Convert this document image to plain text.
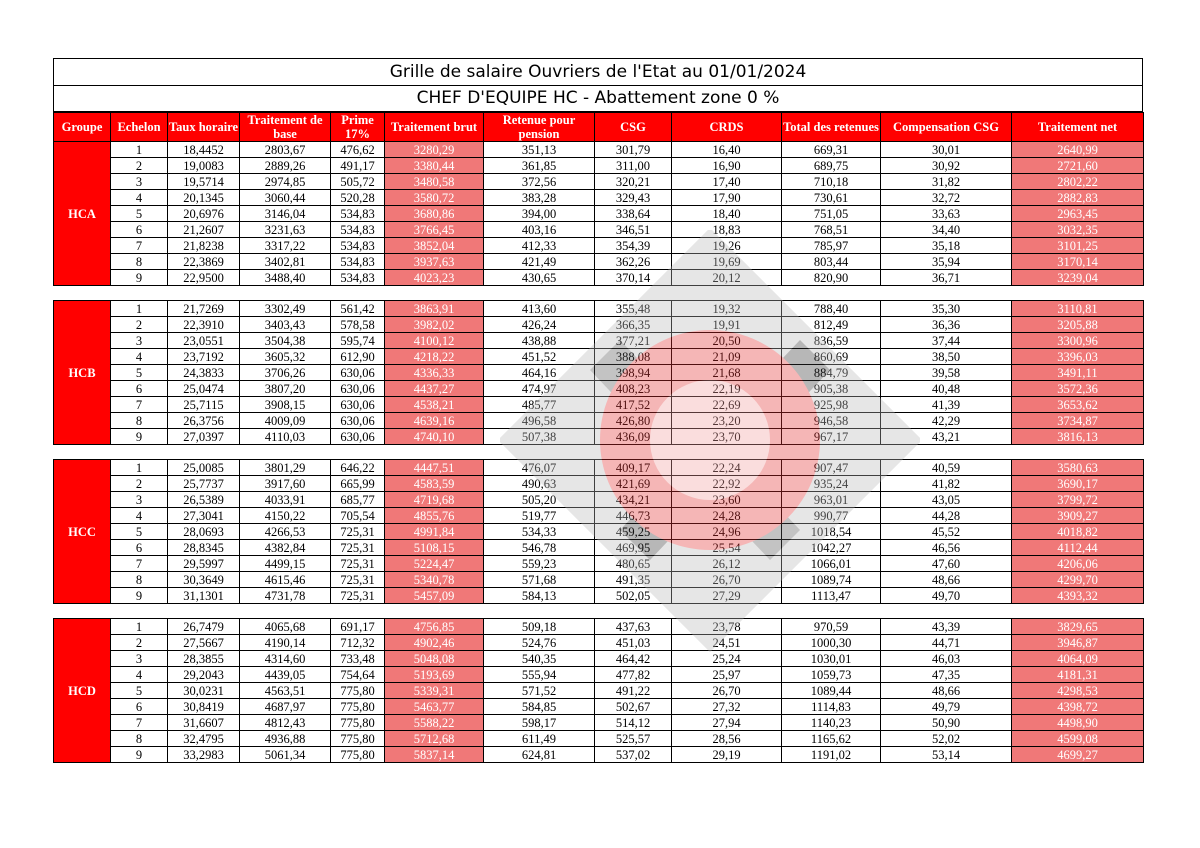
Grille de salaire Ouvriers de l'Etat au 01/01/2024
CHEF D'EQUIPE HC - Abattement zone 0 %
Groupe	Echelon	Taux horaire	Traitement de base	Prime 17%	Traitement brut	Retenue pour pension	CSG	CRDS	Total des retenues	Compensation CSG	Traitement net
HCA	1	18,4452	2803,67	476,62	3280,29	351,13	301,79	16,40	669,31	30,01	2640,99
	2	19,0083	2889,26	491,17	3380,44	361,85	311,00	16,90	689,75	30,92	2721,60
	3	19,5714	2974,85	505,72	3480,58	372,56	320,21	17,40	710,18	31,82	2802,22
	4	20,1345	3060,44	520,28	3580,72	383,28	329,43	17,90	730,61	32,72	2882,83
	5	20,6976	3146,04	534,83	3680,86	394,00	338,64	18,40	751,05	33,63	2963,45
	6	21,2607	3231,63	534,83	3766,45	403,16	346,51	18,83	768,51	34,40	3032,35
	7	21,8238	3317,22	534,83	3852,04	412,33	354,39	19,26	785,97	35,18	3101,25
	8	22,3869	3402,81	534,83	3937,63	421,49	362,26	19,69	803,44	35,94	3170,14
	9	22,9500	3488,40	534,83	4023,23	430,65	370,14	20,12	820,90	36,71	3239,04

HCB	1	21,7269	3302,49	561,42	3863,91	413,60	355,48	19,32	788,40	35,30	3110,81
	2	22,3910	3403,43	578,58	3982,02	426,24	366,35	19,91	812,49	36,36	3205,88
	3	23,0551	3504,38	595,74	4100,12	438,88	377,21	20,50	836,59	37,44	3300,96
	4	23,7192	3605,32	612,90	4218,22	451,52	388,08	21,09	860,69	38,50	3396,03
	5	24,3833	3706,26	630,06	4336,33	464,16	398,94	21,68	884,79	39,58	3491,11
	6	25,0474	3807,20	630,06	4437,27	474,97	408,23	22,19	905,38	40,48	3572,36
	7	25,7115	3908,15	630,06	4538,21	485,77	417,52	22,69	925,98	41,39	3653,62
	8	26,3756	4009,09	630,06	4639,16	496,58	426,80	23,20	946,58	42,29	3734,87
	9	27,0397	4110,03	630,06	4740,10	507,38	436,09	23,70	967,17	43,21	3816,13

HCC	1	25,0085	3801,29	646,22	4447,51	476,07	409,17	22,24	907,47	40,59	3580,63
	2	25,7737	3917,60	665,99	4583,59	490,63	421,69	22,92	935,24	41,82	3690,17
	3	26,5389	4033,91	685,77	4719,68	505,20	434,21	23,60	963,01	43,05	3799,72
	4	27,3041	4150,22	705,54	4855,76	519,77	446,73	24,28	990,77	44,28	3909,27
	5	28,0693	4266,53	725,31	4991,84	534,33	459,25	24,96	1018,54	45,52	4018,82
	6	28,8345	4382,84	725,31	5108,15	546,78	469,95	25,54	1042,27	46,56	4112,44
	7	29,5997	4499,15	725,31	5224,47	559,23	480,65	26,12	1066,01	47,60	4206,06
	8	30,3649	4615,46	725,31	5340,78	571,68	491,35	26,70	1089,74	48,66	4299,70
	9	31,1301	4731,78	725,31	5457,09	584,13	502,05	27,29	1113,47	49,70	4393,32

HCD	1	26,7479	4065,68	691,17	4756,85	509,18	437,63	23,78	970,59	43,39	3829,65
	2	27,5667	4190,14	712,32	4902,46	524,76	451,03	24,51	1000,30	44,71	3946,87
	3	28,3855	4314,60	733,48	5048,08	540,35	464,42	25,24	1030,01	46,03	4064,09
	4	29,2043	4439,05	754,64	5193,69	555,94	477,82	25,97	1059,73	47,35	4181,31
	5	30,0231	4563,51	775,80	5339,31	571,52	491,22	26,70	1089,44	48,66	4298,53
	6	30,8419	4687,97	775,80	5463,77	584,85	502,67	27,32	1114,83	49,79	4398,72
	7	31,6607	4812,43	775,80	5588,22	598,17	514,12	27,94	1140,23	50,90	4498,90
	8	32,4795	4936,88	775,80	5712,68	611,49	525,57	28,56	1165,62	52,02	4599,08
	9	33,2983	5061,34	775,80	5837,14	624,81	537,02	29,19	1191,02	53,14	4699,27
